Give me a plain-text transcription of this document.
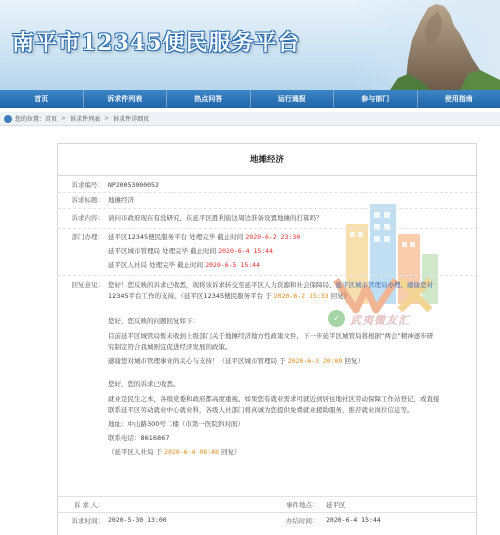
南平市12345便民服务平台
首页	诉求件列表	热点问答	运行通报	参与部门	使用指南
您的位置： 首页 > 诉求件列表 > 诉求件详细页
地摊经济
✓ 武夷微友汇
诉求编号： NP20053000052
诉求标题： 地摊经济
诉求内容： 请问市政府现在有没研究，在延平区胜利街这周边准备设置地摊的打算吗？
部门办理： 延平区12345便民服务平台 处理完毕 截止时间 2020-6-2 23:30
延平区城市管理局 处理完毕 截止时间 2020-6-4 15:44
延平区人社局 处理完毕 截止时间 2020-6-5 15:44
回复意见： 您好！您反映的诉求已收悉，现将该诉求转交至延平区人力资源和社会保障局、延平区城市管理局办理，感谢您对
12345平台工作的支持。（延平区12345便民服务平台 于 2020-6-2 15:33 回复）
您好，您反映的问题回复如下：
目前延平区城管局暂未收到上级部门关于地摊经济地方性政策文件，下一步延平区城管局将根据“两会”精神逐步研
究制定符合我城则宜促进经济发展的政策。
感谢您对城市管理事业的关心与支持！（延平区城市管理局 于 2020-6-3 20:09 回复）
您好，您的诉求已收悉。
就业是民生之本，各级党委和政府都高度重视。如果您有就业需求可就近到居住地社区劳动保障工作站登记，或直接
联系延平区劳动就业中心就业科，各级人社部门将真诚为您提供免费就业援助服务，推荐就业岗位信息等。
地址：中山路300号二楼（市第一医院斜对面）
联系电话：8616867
（延平区人社局 于 2020-6-4 08:48 回复）
诉 求 人：	事件地点： 延平区
诉求时间： 2020-5-30 13:00	办结时间： 2020-6-4 15:44
